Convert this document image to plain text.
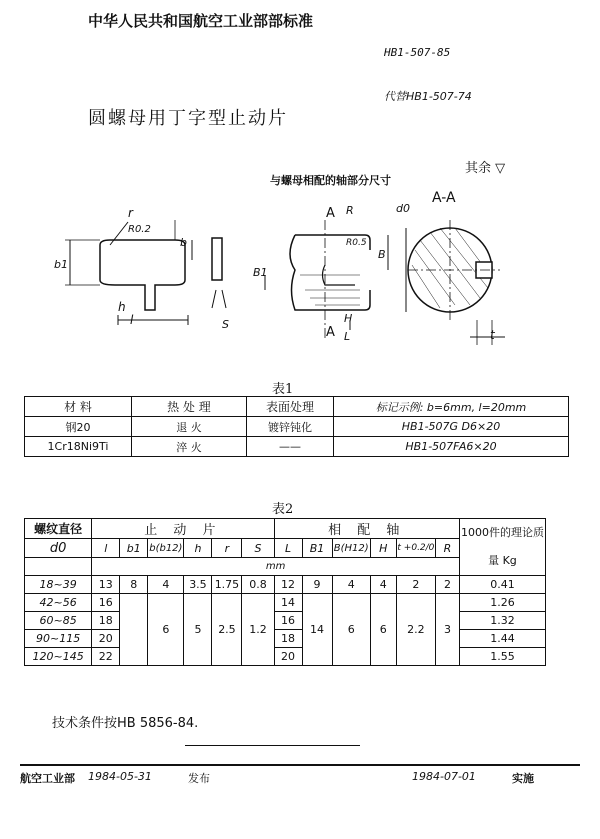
中华人民共和国航空工业部部标准
HB1-507-85
代替HB1-507-74
圆螺母用丁字型止动片
其余 ▽
与螺母相配的轴部分尺寸
r
R0.2
b
b1
h
l	S
A R
R0.5
B1
B
H
A L
d0
A-A
t
表1
材 料	热 处 理	表面处理	标记示例: b=6mm, l=20mm
钢20	退 火	镀锌钝化	HB1-507G D6×20
1Cr18Ni9Ti	淬 火	——	HB1-507FA6×20
表2
螺纹直径	止 动 片						相 配 轴						1000件的理论质量 Kg
d0	l	b1	b(b12)	h	r	S	L	B1	B(H12)	H	t +0.2/0	R	
	mm												
18~39	13	8	4	3.5	1.75	0.8	12	9	4	4	2	2	0.41
42~56	16		6	5	2.5	1.2	14	14	6	6	2.2	3	1.26
60~85	18						16						1.32
90~115	20						18						1.44
120~145	22						20						1.55
技术条件按HB 5856-84.
航空工业部 1984-05-31	发布	1984-07-01	实施
